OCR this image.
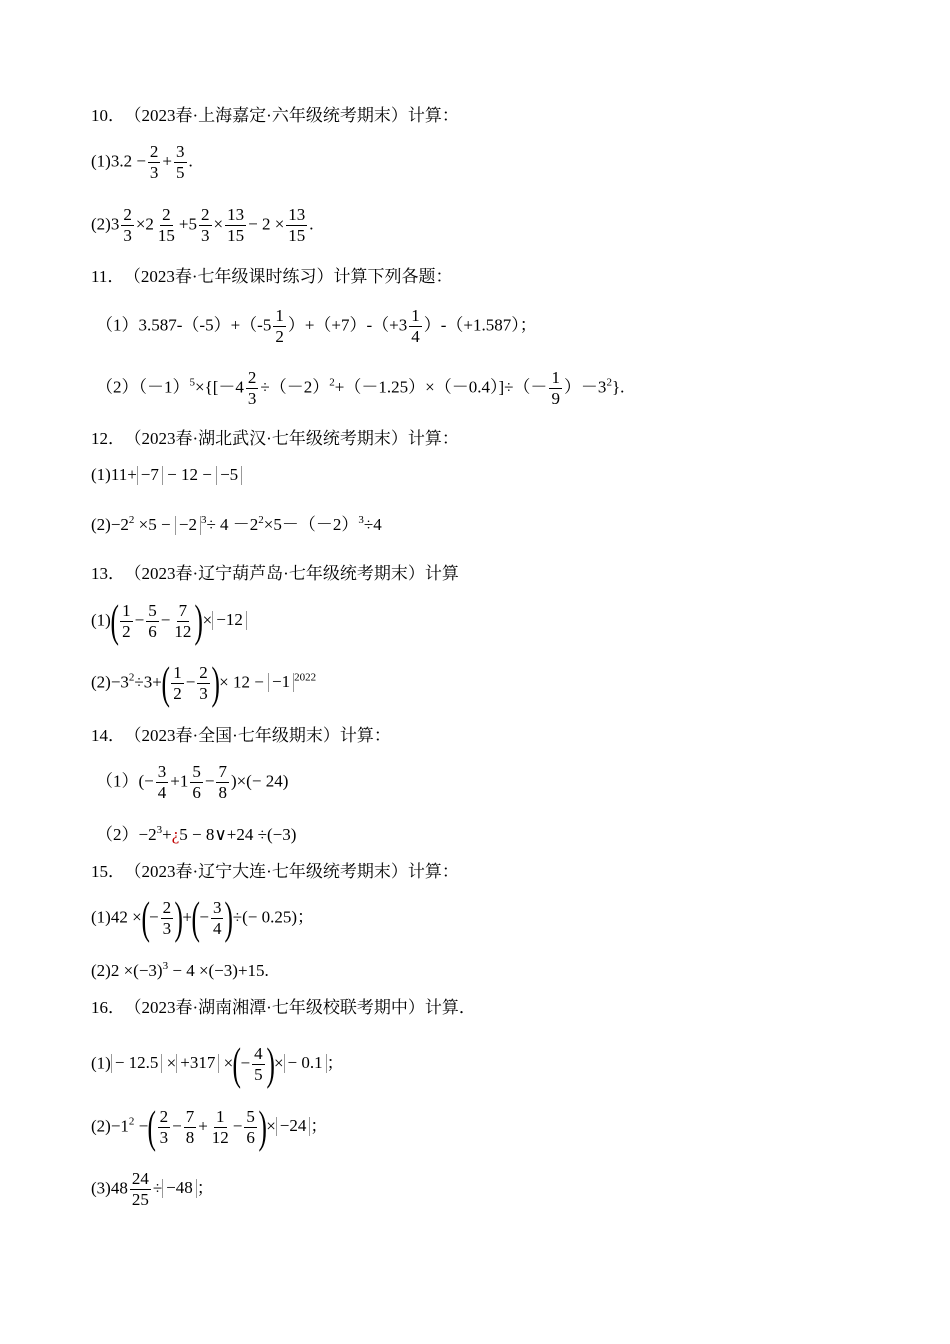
10． （2023春·上海嘉定·六年级统考期末）计算：
$(1)3.2 - \frac{2}{3} + \frac{3}{5}$ .
$(2)3 \frac{2}{3} \times 2 \frac{2}{15} +5 \frac{2}{3} \times \frac{13}{15} - 2 \times \frac{13}{15}$ .
11． （2023春·七年级课时练习）计算下列各题：
$(1)3.587-(-5)+(-5 \frac{1}{2} )+(+7)-(+3 \frac{1}{4} )-(+1.587)$；
$(2)(-1)^5\times\{[-4 \frac{2}{3} \div(-2)^2+(-1.25)\times(-0.4)]\div(- \frac{1}{9} )-3^2\}$.
12． （2023春·湖北武汉·七年级统考期末）计算：
(1)11+ −7 − 12 − −5
$(2)-2^2 \times 5 - -2$ $^3\div 4 -2^2\times 5-(-2)^3\div 4$
13． （2023春·辽宁葫芦岛·七年级统考期末）计算
$(1)( \frac{1}{2} - \frac{5}{6} - \frac{7}{12}$ )× −12
$(2)-3^2\div 3+( \frac{1}{2} - \frac{2}{3}$ )× 12 − −1 $^{2022}$
14． （2023春·全国·七年级期末）计算：
$(1)(- \frac{3}{4} +1 \frac{5}{6} - \frac{7}{8}$ )×(− 24)
$(2)-2^3+¿5$ − 8∨+24 ÷(−3)
15． （2023春·辽宁大连·七年级统考期末）计算：
(1)42 ×(− $\frac{2}{3}$ )+(− $\frac{3}{4}$ )÷(− 0.25)；
$(2)2 \times(-3)^3 - 4 \times(-3)+15$.
16． （2023春·湖南湘潭·七年级校联考期中）计算．
(1) − 12.5 × +317 ×(− $\frac{4}{5}$ )× − 0.1 ；
$(2)-1^2$ −( $\frac{2}{3} - \frac{7}{8} + \frac{1}{12} - \frac{5}{6}$ )× −24 ；
$(3)48 \frac{24}{25} \div -48$ ；
